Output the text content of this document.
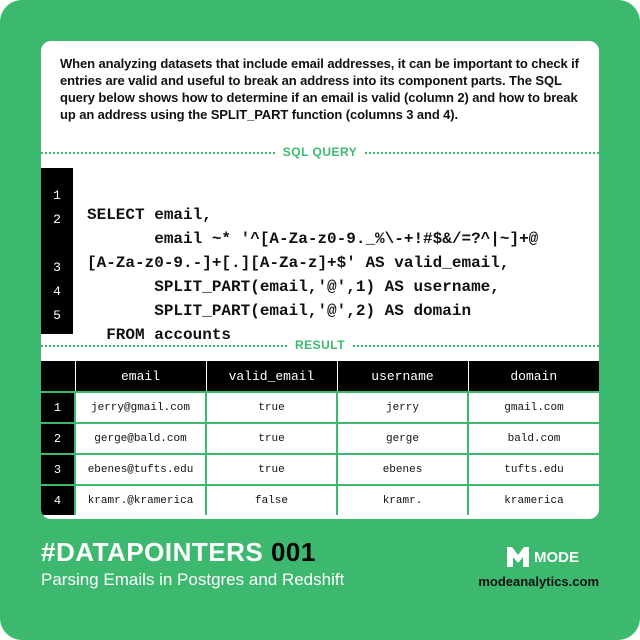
When analyzing datasets that include email addresses, it can be important to check if entries are valid and useful to break an address into its component parts. The SQL query below shows how to determine if an email is valid (column 2) and how to break up an address using the SPLIT_PART function (columns 3 and 4).

SQL QUERY

1

SELECT email,

2

email ~* '^[A-Za-z0-9._%\-+!#$&/=?^|~]+@

[A-Za-z0-9.-]+[.][A-Za-z]+$' AS valid_email,

3

SPLIT_PART(email,'@',1) AS username,

4

SPLIT_PART(email,'@',2) AS domain

5

FROM accounts

RESULT
	email	valid_email	username	domain
1	jerry@gmail.com	true	jerry	gmail.com
2	gerge@bald.com	true	gerge	bald.com
3	ebenes@tufts.edu	true	ebenes	tufts.edu
4	kramr.@kramerica	false	kramr.	kramerica
#DATAPOINTERS 001
Parsing Emails in Postgres and Redshift
MODE
modeanalytics.com
